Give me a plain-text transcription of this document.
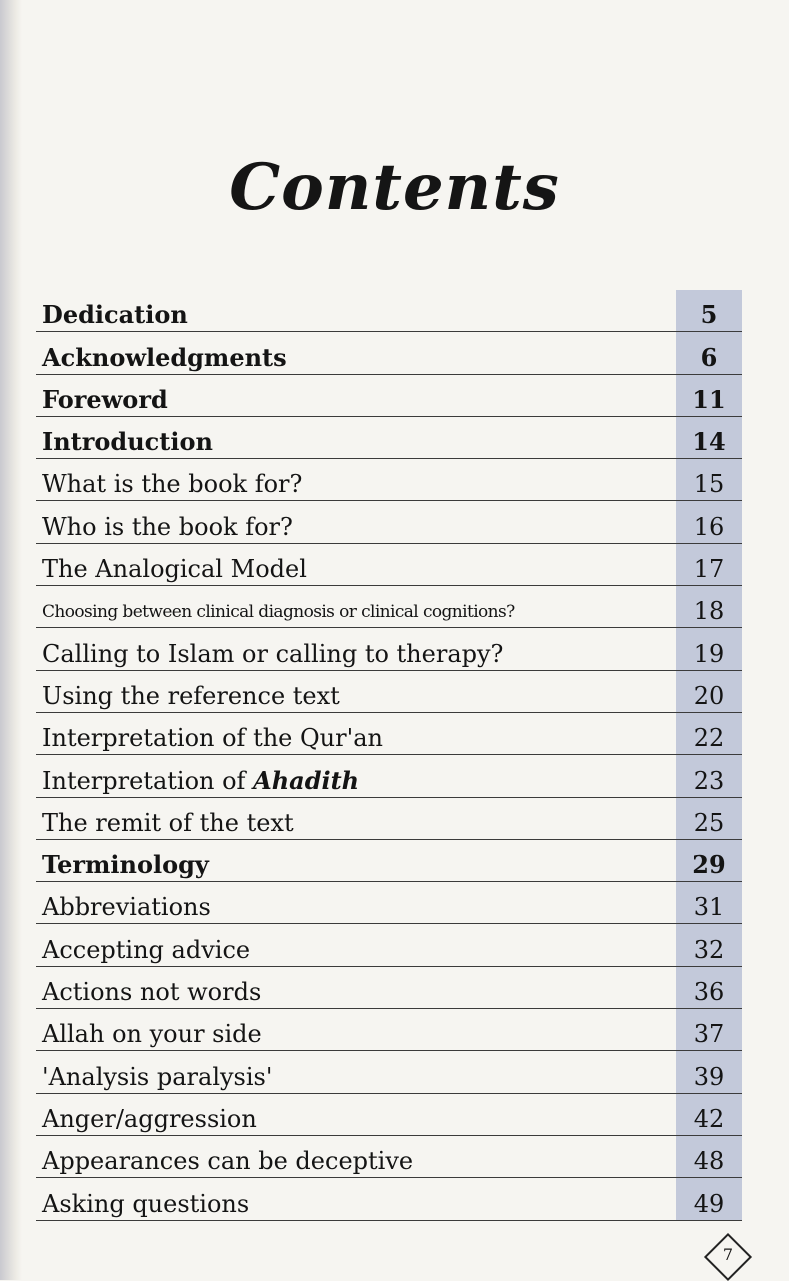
Contents
Dedication	5
Acknowledgments	6
Foreword	11
Introduction	14
What is the book for?	15
Who is the book for?	16
The Analogical Model	17
Choosing between clinical diagnosis or clinical cognitions?	18
Calling to Islam or calling to therapy?	19
Using the reference text	20
Interpretation of the Qur'an	22
Interpretation of Ahadith	23
The remit of the text	25
Terminology	29
Abbreviations	31
Accepting advice	32
Actions not words	36
Allah on your side	37
'Analysis paralysis'	39
Anger/aggression	42
Appearances can be deceptive	48
Asking questions	49
7
